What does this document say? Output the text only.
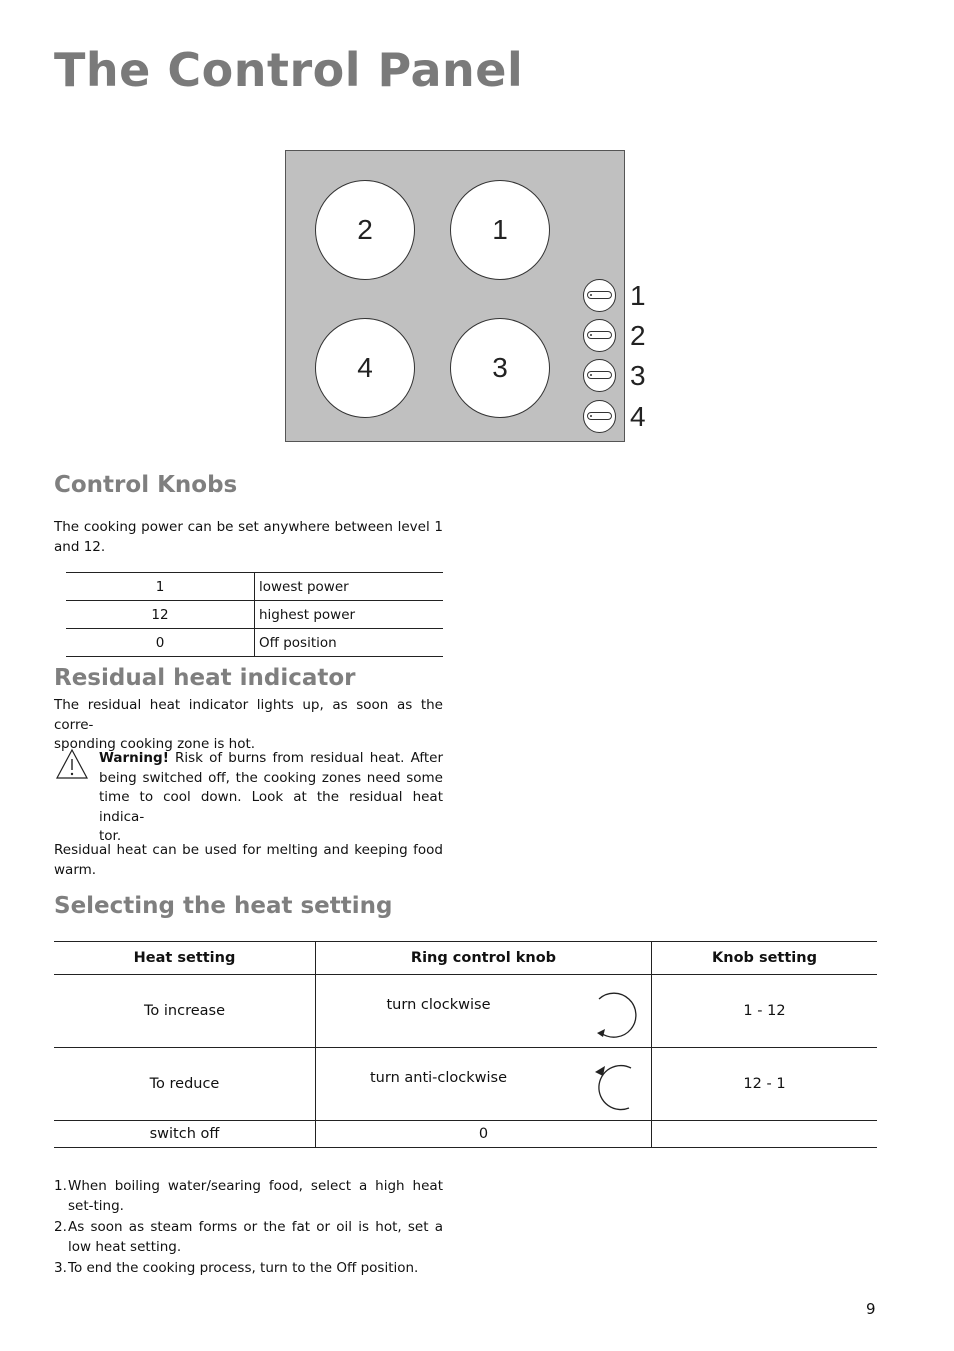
The Control Panel
2	1
4	3
1
2
3
4
Control Knobs
The cooking power can be set anywhere between level 1
and 12.
1	lowest power
12	highest power
0	Off position
Residual heat indicator
The residual heat indicator lights up, as soon as the corre-
sponding cooking zone is hot.
Warning! Risk of burns from residual heat. After
being switched off, the cooking zones need some time to cool down. Look at the residual heat indica-
tor.
Residual heat can be used for melting and keeping food
warm.
Selecting the heat setting
Heat setting	Ring control knob	Knob setting
To increase	turn clockwise	1 - 12
To reduce	turn anti-clockwise	12 - 1
switch off	0	
1. When boiling water/searing food, select a high heat set-ting.
2. As soon as steam forms or the fat or oil is hot, set a low heat setting.
3. To end the cooking process, turn to the Off position.
9
